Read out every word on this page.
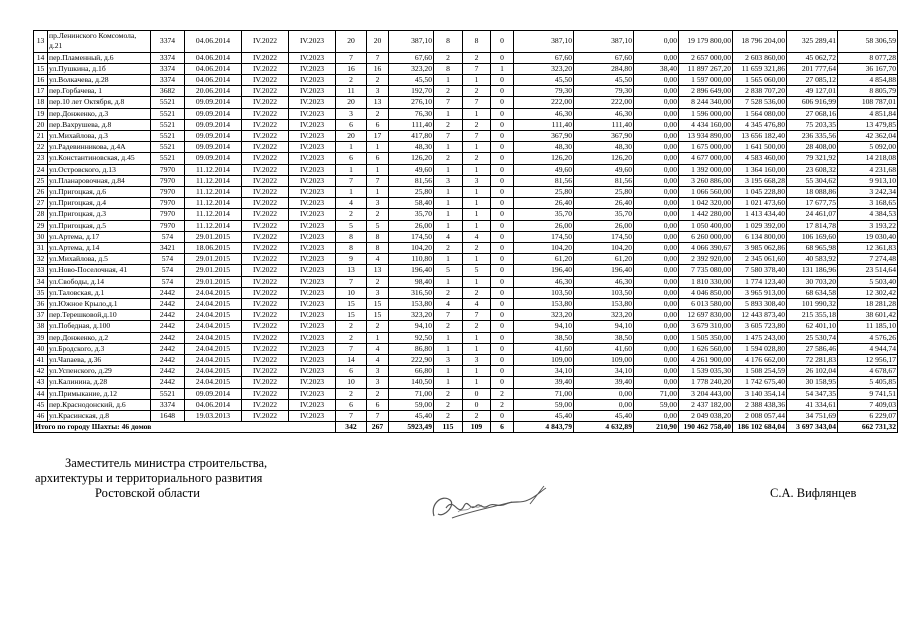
13	пр.Ленинского Комсомола, д.21	3374	04.06.2014	IV.2022	IV.2023	20	20	387,10	8	8	0	387,10	387,10	0,00	19 179 800,00	18 796 204,00	325 289,41	58 306,59
14	пер.Пламенный, д.6	3374	04.06.2014	IV.2022	IV.2023	7	7	67,60	2	2	0	67,60	67,60	0,00	2 657 000,00	2 603 860,00	45 062,72	8 077,28
15	ул.Пушкина, д.1б	3374	04.06.2014	IV.2022	IV.2023	16	16	323,20	8	7	1	323,20	284,80	38,40	11 897 267,20	11 659 321,86	201 777,64	36 167,70
16	ул.Волкачева, д.28	3374	04.06.2014	IV.2022	IV.2023	2	2	45,50	1	1	0	45,50	45,50	0,00	1 597 000,00	1 565 060,00	27 085,12	4 854,88
17	пер.Горбачева, 1	3682	20.06.2014	IV.2022	IV.2023	11	3	192,70	2	2	0	79,30	79,30	0,00	2 896 649,00	2 838 707,20	49 127,01	8 805,79
18	пер.10 лет Октября, д.8	5521	09.09.2014	IV.2022	IV.2023	20	13	276,10	7	7	0	222,00	222,00	0,00	8 244 340,00	7 528 536,00	606 916,99	108 787,01
19	пер.Донженко, д.3	5521	09.09.2014	IV.2022	IV.2023	3	2	76,30	1	1	0	46,30	46,30	0,00	1 596 000,00	1 564 080,00	27 068,16	4 851,84
20	пер.Вахрушева, д.8	5521	09.09.2014	IV.2022	IV.2023	6	6	111,40	2	2	0	111,40	111,40	0,00	4 434 160,00	4 345 476,80	75 203,35	13 479,85
21	ул.Михайлова, д.3	5521	09.09.2014	IV.2022	IV.2023	20	17	417,80	7	7	0	367,90	367,90	0,00	13 934 890,00	13 656 182,40	236 335,56	42 362,04
22	ул.Радевинникова, д.4А	5521	09.09.2014	IV.2022	IV.2023	1	1	48,30	1	1	0	48,30	48,30	0,00	1 675 000,00	1 641 500,00	28 408,00	5 092,00
23	ул.Константиновская, д.45	5521	09.09.2014	IV.2022	IV.2023	6	6	126,20	2	2	0	126,20	126,20	0,00	4 677 000,00	4 583 460,00	79 321,92	14 218,08
24	ул.Островского, д.13	7970	11.12.2014	IV.2022	IV.2023	1	1	49,60	1	1	0	49,60	49,60	0,00	1 392 000,00	1 364 160,00	23 608,32	4 231,68
25	ул.Планаровочная, д.84	7970	11.12.2014	IV.2022	IV.2023	7	7	81,56	3	3	0	81,56	81,56	0,00	3 260 886,00	3 195 668,28	55 304,62	9 913,10
26	ул.Пригоцкая, д.6	7970	11.12.2014	IV.2022	IV.2023	1	1	25,80	1	1	0	25,80	25,80	0,00	1 066 560,00	1 045 228,80	18 088,86	3 242,34
27	ул.Пригоцкая, д.4	7970	11.12.2014	IV.2022	IV.2023	4	3	58,40	1	1	0	26,40	26,40	0,00	1 042 320,00	1 021 473,60	17 677,75	3 168,65
28	ул.Пригоцкая, д.3	7970	11.12.2014	IV.2022	IV.2023	2	2	35,70	1	1	0	35,70	35,70	0,00	1 442 280,00	1 413 434,40	24 461,07	4 384,53
29	ул.Пригоцкая, д.5	7970	11.12.2014	IV.2022	IV.2023	5	5	26,00	1	1	0	26,00	26,00	0,00	1 050 400,00	1 029 392,00	17 814,78	3 193,22
30	ул.Артема, д.17	574	29.01.2015	IV.2022	IV.2023	8	8	174,50	4	4	0	174,50	174,50	0,00	6 260 000,00	6 134 800,00	106 169,60	19 030,40
31	ул.Артема, д.14	3421	18.06.2015	IV.2022	IV.2023	8	8	104,20	2	2	0	104,20	104,20	0,00	4 066 390,67	3 985 062,86	68 965,98	12 361,83
32	ул.Михайлова, д.5	574	29.01.2015	IV.2022	IV.2023	9	4	110,80	1	1	0	61,20	61,20	0,00	2 392 920,00	2 345 061,60	40 583,92	7 274,48
33	ул.Ново-Поселочная, 41	574	29.01.2015	IV.2022	IV.2023	13	13	196,40	5	5	0	196,40	196,40	0,00	7 735 080,00	7 580 378,40	131 186,96	23 514,64
34	ул.Свободы, д.14	574	29.01.2015	IV.2022	IV.2023	7	2	98,40	1	1	0	46,30	46,30	0,00	1 810 330,00	1 774 123,40	30 703,20	5 503,40
35	ул.Таловская, д.1	2442	24.04.2015	IV.2022	IV.2023	10	3	316,50	2	2	0	103,50	103,50	0,00	4 046 850,00	3 965 913,00	68 634,58	12 302,42
36	ул.Южное Крыло,д.1	2442	24.04.2015	IV.2022	IV.2023	15	15	153,80	4	4	0	153,80	153,80	0,00	6 013 580,00	5 893 308,40	101 990,32	18 281,28
37	пер.Терешковой,д.10	2442	24.04.2015	IV.2022	IV.2023	15	15	323,20	7	7	0	323,20	323,20	0,00	12 697 830,00	12 443 873,40	215 355,18	38 601,42
38	ул.Победная, д.100	2442	24.04.2015	IV.2022	IV.2023	2	2	94,10	2	2	0	94,10	94,10	0,00	3 679 310,00	3 605 723,80	62 401,10	11 185,10
39	пер.Донженко, д.2	2442	24.04.2015	IV.2022	IV.2023	2	1	92,50	1	1	0	38,50	38,50	0,00	1 505 350,00	1 475 243,00	25 530,74	4 576,26
40	ул.Бродского, д.3	2442	24.04.2015	IV.2022	IV.2023	7	4	86,80	1	1	0	41,60	41,60	0,00	1 626 560,00	1 594 028,80	27 586,46	4 944,74
41	ул.Чапаева, д.36	2442	24.04.2015	IV.2022	IV.2023	14	4	222,90	3	3	0	109,00	109,00	0,00	4 261 900,00	4 176 662,00	72 281,83	12 956,17
42	ул.Успенского, д.29	2442	24.04.2015	IV.2022	IV.2023	6	3	66,80	1	1	0	34,10	34,10	0,00	1 539 035,30	1 508 254,59	26 102,04	4 678,67
43	ул.Калинина, д.28	2442	24.04.2015	IV.2022	IV.2023	10	3	140,50	1	1	0	39,40	39,40	0,00	1 778 240,20	1 742 675,40	30 158,95	5 405,85
44	ул.Примыкание, д.12	5521	09.09.2014	IV.2022	IV.2023	2	2	71,00	2	0	2	71,00	0,00	71,00	3 204 443,00	3 140 354,14	54 347,35	9 741,51
45	пер.Краснодонский, д.6	3374	04.06.2014	IV.2022	IV.2023	6	6	59,00	2	0	2	59,00	0,00	59,00	2 437 182,00	2 388 438,36	41 334,61	7 409,03
46	ул.Красинская, д.8	1648	19.03.2013	IV.2022	IV.2023	7	7	45,40	2	2	0	45,40	45,40	0,00	2 049 038,20	2 008 057,44	34 751,69	6 229,07
Итого по городу Шахты: 46 домов						342	267	5923,49	115	109	6	4 843,79	4 632,89	210,90	190 462 758,40	186 102 684,04	3 697 343,04	662 731,32
Заместитель министра строительства,
архитектуры и территориального развития
Ростовской области	С.А. Вифлянцев
